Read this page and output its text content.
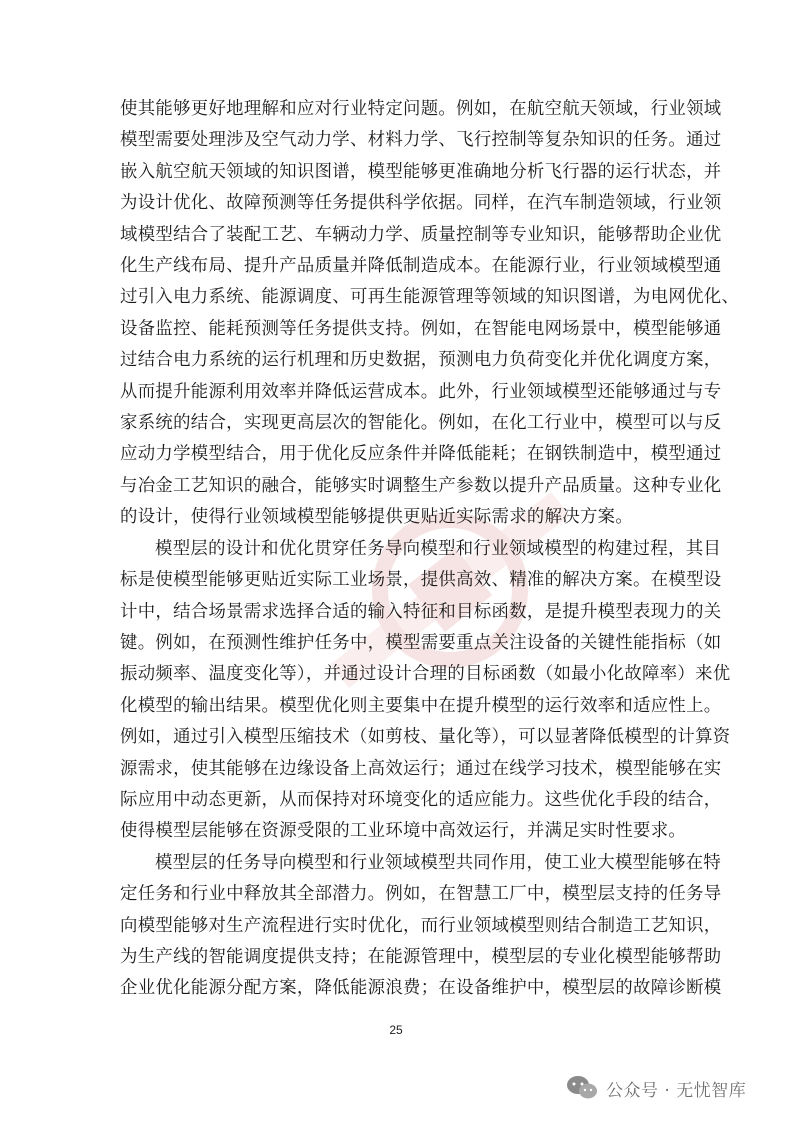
使其能够更好地理解和应对行业特定问题。例如，在航空航天领域，行业领域
模型需要处理涉及空气动力学、材料力学、飞行控制等复杂知识的任务。通过
嵌入航空航天领域的知识图谱，模型能够更准确地分析飞行器的运行状态，并
为设计优化、故障预测等任务提供科学依据。同样，在汽车制造领域，行业领
域模型结合了装配工艺、车辆动力学、质量控制等专业知识，能够帮助企业优
化生产线布局、提升产品质量并降低制造成本。在能源行业，行业领域模型通
过引入电力系统、能源调度、可再生能源管理等领域的知识图谱，为电网优化、
设备监控、能耗预测等任务提供支持。例如，在智能电网场景中，模型能够通
过结合电力系统的运行机理和历史数据，预测电力负荷变化并优化调度方案，
从而提升能源利用效率并降低运营成本。此外，行业领域模型还能够通过与专
家系统的结合，实现更高层次的智能化。例如，在化工行业中，模型可以与反
应动力学模型结合，用于优化反应条件并降低能耗；在钢铁制造中，模型通过
与冶金工艺知识的融合，能够实时调整生产参数以提升产品质量。这种专业化
的设计，使得行业领域模型能够提供更贴近实际需求的解决方案。

模型层的设计和优化贯穿任务导向模型和行业领域模型的构建过程，其目
标是使模型能够更贴近实际工业场景，提供高效、精准的解决方案。在模型设
计中，结合场景需求选择合适的输入特征和目标函数，是提升模型表现力的关
键。例如，在预测性维护任务中，模型需要重点关注设备的关键性能指标（如
振动频率、温度变化等），并通过设计合理的目标函数（如最小化故障率）来优
化模型的输出结果。模型优化则主要集中在提升模型的运行效率和适应性上。
例如，通过引入模型压缩技术（如剪枝、量化等），可以显著降低模型的计算资
源需求，使其能够在边缘设备上高效运行；通过在线学习技术，模型能够在实
际应用中动态更新，从而保持对环境变化的适应能力。这些优化手段的结合，
使得模型层能够在资源受限的工业环境中高效运行，并满足实时性要求。

模型层的任务导向模型和行业领域模型共同作用，使工业大模型能够在特
定任务和行业中释放其全部潜力。例如，在智慧工厂中，模型层支持的任务导
向模型能够对生产流程进行实时优化，而行业领域模型则结合制造工艺知识，
为生产线的智能调度提供支持；在能源管理中，模型层的专业化模型能够帮助
企业优化能源分配方案，降低能源浪费；在设备维护中，模型层的故障诊断模

25
公众号 · 无忧智库
